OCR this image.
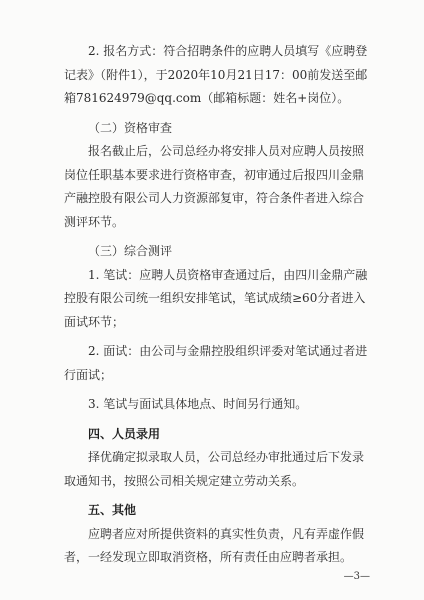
2. 报名方式：符合招聘条件的应聘人员填写《应聘登记表》（附件1），于2020年10月21日17：00前发送至邮箱781624979@qq.com（邮箱标题：姓名+岗位）。

（二）资格审查

报名截止后，公司总经办将安排人员对应聘人员按照岗位任职基本要求进行资格审查，初审通过后报四川金鼎产融控股有限公司人力资源部复审，符合条件者进入综合测评环节。

（三）综合测评

1. 笔试：应聘人员资格审查通过后，由四川金鼎产融控股有限公司统一组织安排笔试，笔试成绩≥60分者进入面试环节；

2. 面试：由公司与金鼎控股组织评委对笔试通过者进行面试；

3. 笔试与面试具体地点、时间另行通知。

四、人员录用

择优确定拟录取人员，公司总经办审批通过后下发录取通知书，按照公司相关规定建立劳动关系。

五、其他

应聘者应对所提供资料的真实性负责，凡有弄虚作假者，一经发现立即取消资格，所有责任由应聘者承担。

—3—
